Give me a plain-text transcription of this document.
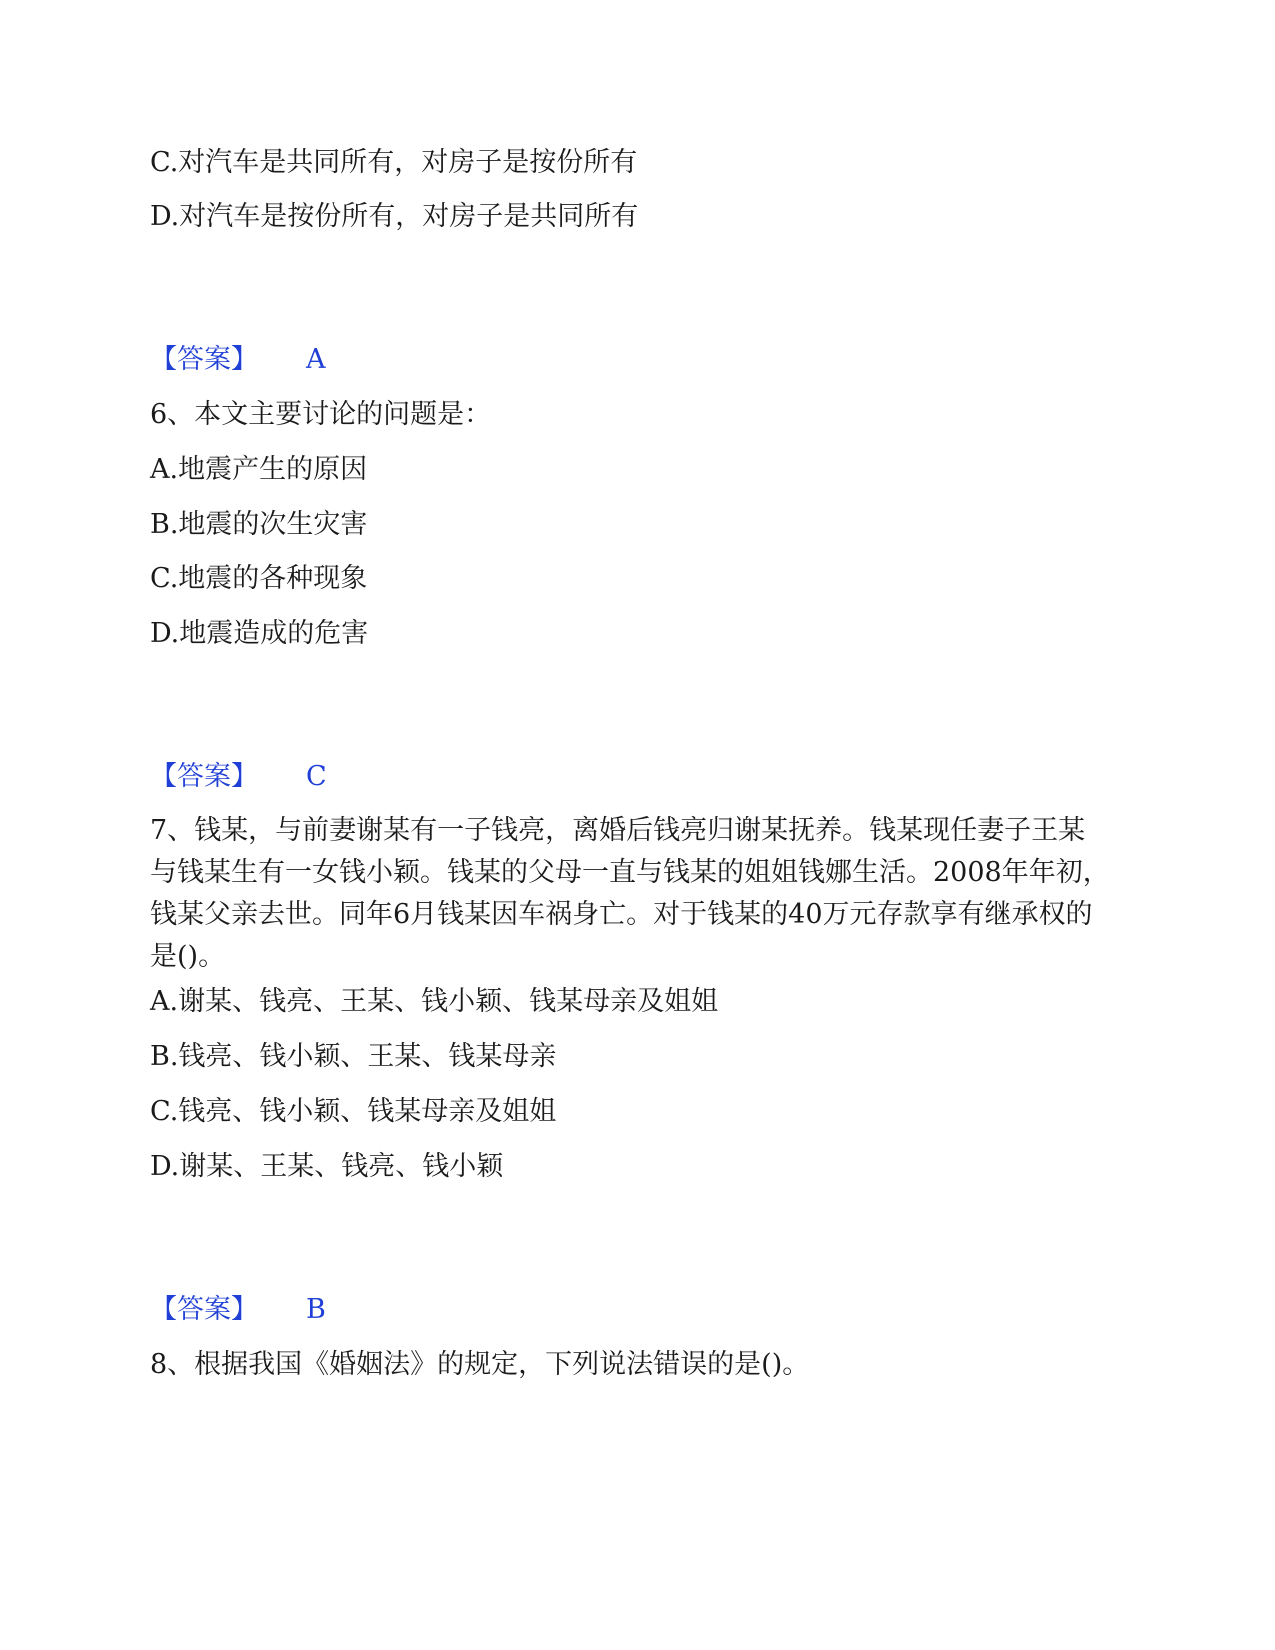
C.对汽车是共同所有，对房子是按份所有
D.对汽车是按份所有，对房子是共同所有
【答案】 A
6、本文主要讨论的问题是：
A.地震产生的原因
B.地震的次生灾害
C.地震的各种现象
D.地震造成的危害
【答案】 C
7、钱某，与前妻谢某有一子钱亮，离婚后钱亮归谢某抚养。钱某现任妻子王某与钱某生有一女钱小颖。钱某的父母一直与钱某的姐姐钱娜生活。2008年年初，钱某父亲去世。同年6月钱某因车祸身亡。对于钱某的40万元存款享有继承权的是()。
A.谢某、钱亮、王某、钱小颖、钱某母亲及姐姐
B.钱亮、钱小颖、王某、钱某母亲
C.钱亮、钱小颖、钱某母亲及姐姐
D.谢某、王某、钱亮、钱小颖
【答案】 B
8、根据我国《婚姻法》的规定，下列说法错误的是()。
